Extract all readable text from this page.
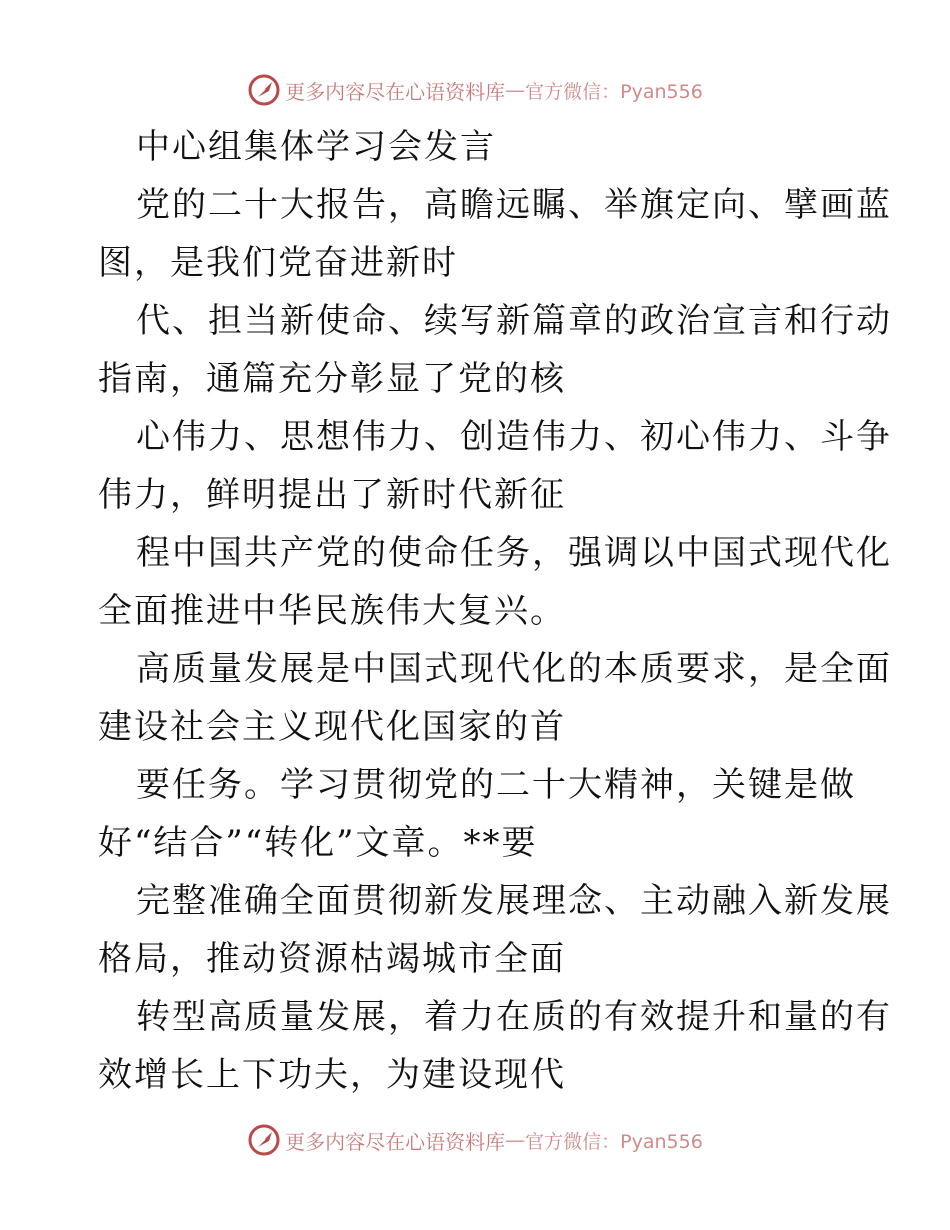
更多内容尽在心语资料库 — 官方微信：Pyan556
中心组集体学习会发言
党的二十大报告，高瞻远瞩、举旗定向、擘画蓝
图，是我们党奋进新时
代、担当新使命、续写新篇章的政治宣言和行动
指南，通篇充分彰显了党的核
心伟力、思想伟力、创造伟力、初心伟力、斗争
伟力，鲜明提出了新时代新征
程中国共产党的使命任务，强调以中国式现代化
全面推进中华民族伟大复兴。
高质量发展是中国式现代化的本质要求，是全面
建设社会主义现代化国家的首
要任务。学习贯彻党的二十大精神，关键是做
好“结合”“转化”文章。**要
完整准确全面贯彻新发展理念、主动融入新发展
格局，推动资源枯竭城市全面
转型高质量发展，着力在质的有效提升和量的有
效增长上下功夫，为建设现代
更多内容尽在心语资料库 — 官方微信：Pyan556
